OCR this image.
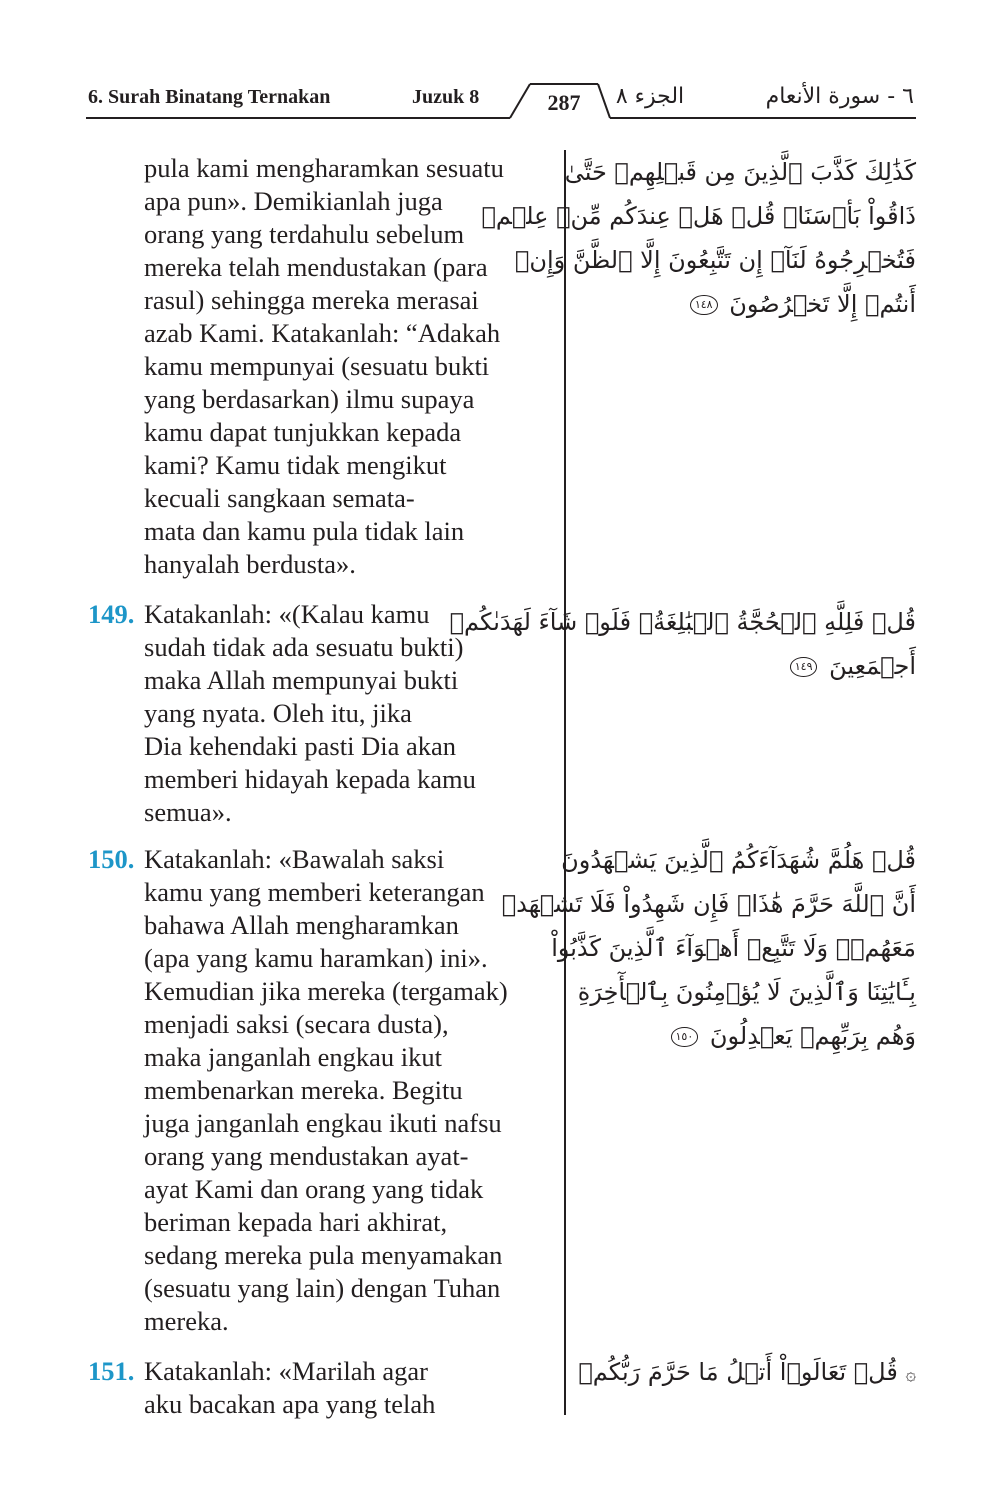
6. Surah Binatang Ternakan	Juzuk 8	287	الجزء ٨	٦ - سورة الأنعام
pula kami mengharamkan sesuatu
apa pun». Demikianlah juga
orang yang terdahulu sebelum
mereka telah mendustakan (para
rasul) sehingga mereka merasai
azab Kami. Katakanlah: “Adakah
kamu mempunyai (sesuatu bukti
yang berdasarkan) ilmu supaya
kamu dapat tunjukkan kepada
kami? Kamu tidak mengikut
kecuali sangkaan semata-
mata dan kamu pula tidak lain
hanyalah berdusta».
كَذَٰلِكَ كَذَّبَ ٱلَّذِينَ مِن قَبۡلِهِمۡ حَتَّىٰ
ذَاقُواْ بَأۡسَنَاۗ قُلۡ هَلۡ عِندَكُم مِّنۡ عِلۡمٖ
فَتُخۡرِجُوهُ لَنَآۖ إِن تَتَّبِعُونَ إِلَّا ٱلظَّنَّ وَإِنۡ
أَنتُمۡ إِلَّا تَخۡرُصُونَ ١٤٨
149. Katakanlah: «(Kalau kamu
sudah tidak ada sesuatu bukti)
maka Allah mempunyai bukti
yang nyata. Oleh itu, jika
Dia kehendaki pasti Dia akan
memberi hidayah kepada kamu
semua».
قُلۡ فَلِلَّهِ ٱلۡحُجَّةُ ٱلۡبَٰلِغَةُۖ فَلَوۡ شَآءَ لَهَدَىٰكُمۡ
أَجۡمَعِينَ ١٤٩
150. Katakanlah: «Bawalah saksi
kamu yang memberi keterangan
bahawa Allah mengharamkan
(apa yang kamu haramkan) ini».
Kemudian jika mereka (tergamak)
menjadi saksi (secara dusta),
maka janganlah engkau ikut
membenarkan mereka. Begitu
juga janganlah engkau ikuti nafsu
orang yang mendustakan ayat-
ayat Kami dan orang yang tidak
beriman kepada hari akhirat,
sedang mereka pula menyamakan
(sesuatu yang lain) dengan Tuhan
mereka.
قُلۡ هَلُمَّ شُهَدَآءَكُمُ ٱلَّذِينَ يَشۡهَدُونَ
أَنَّ ٱللَّهَ حَرَّمَ هَٰذَاۖ فَإِن شَهِدُواْ فَلَا تَشۡهَدۡ
مَعَهُمۡۚ وَلَا تَتَّبِعۡ أَهۡوَآءَ ٱلَّذِينَ كَذَّبُواْ
بِـَٔايَٰتِنَا وَٱلَّذِينَ لَا يُؤۡمِنُونَ بِٱلۡأٓخِرَةِ
وَهُم بِرَبِّهِمۡ يَعۡدِلُونَ ١٥٠
151. Katakanlah: «Marilah agar
aku bacakan apa yang telah
۞ قُلۡ تَعَالَوۡاْ أَتۡلُ مَا حَرَّمَ رَبُّكُمۡ
